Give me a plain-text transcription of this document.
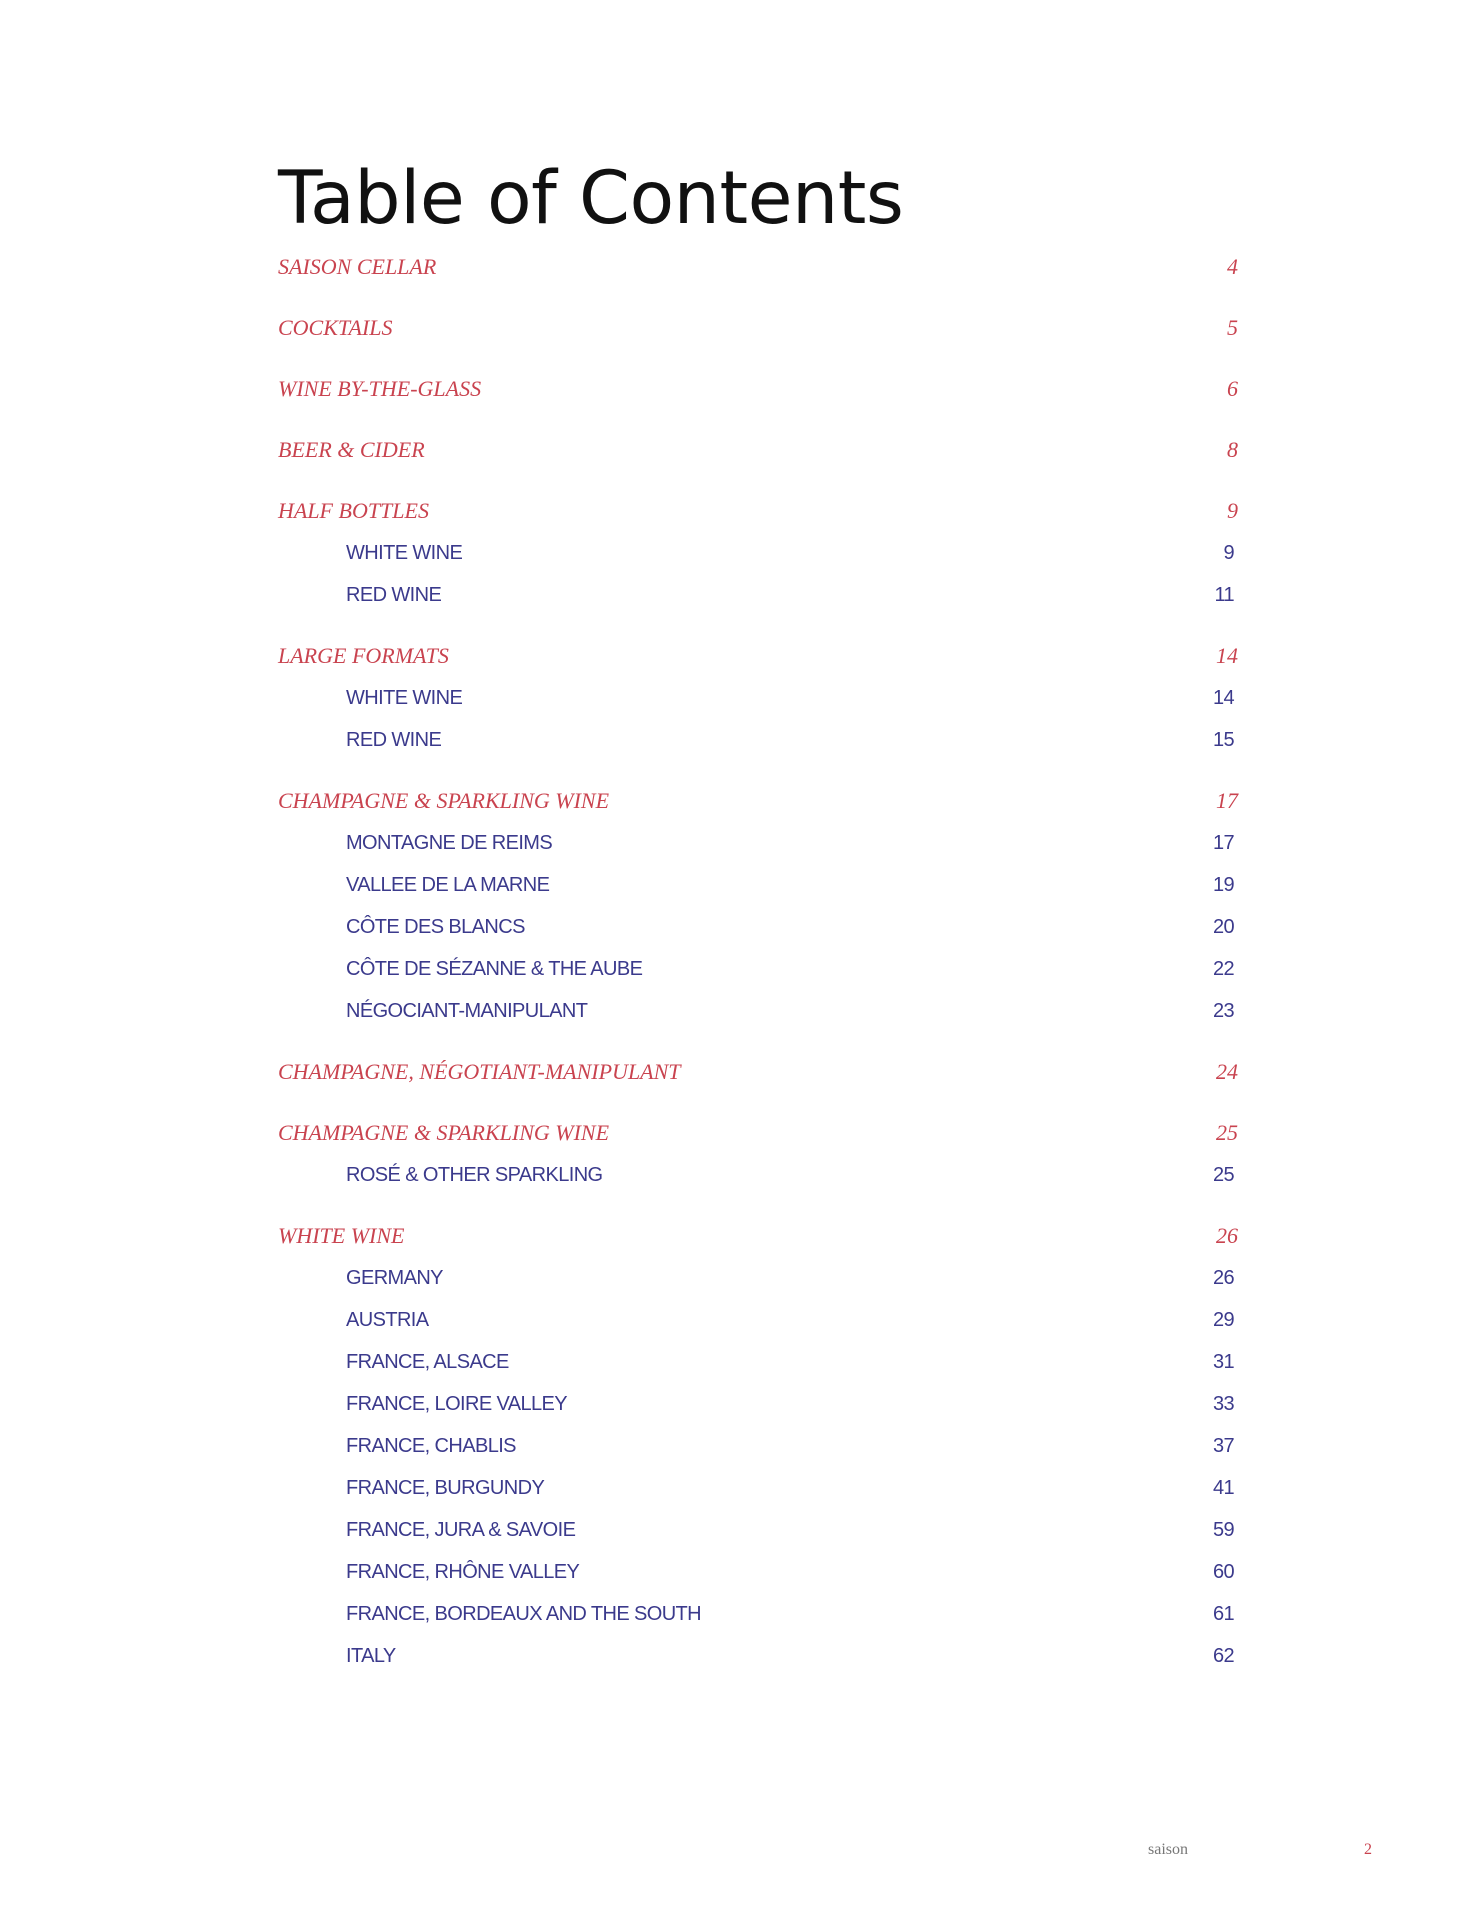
Table of Contents
SAISON CELLAR	4
COCKTAILS	5
WINE BY-THE-GLASS	6
BEER & CIDER	8
HALF BOTTLES	9
WHITE WINE	9
RED WINE	11
LARGE FORMATS	14
WHITE WINE	14
RED WINE	15
CHAMPAGNE & SPARKLING WINE	17
MONTAGNE DE REIMS	17
VALLEE DE LA MARNE	19
CÔTE DES BLANCS	20
CÔTE DE SÉZANNE & THE AUBE	22
NÉGOCIANT-MANIPULANT	23
CHAMPAGNE, NÉGOTIANT-MANIPULANT	24
CHAMPAGNE & SPARKLING WINE	25
ROSÉ & OTHER SPARKLING	25
WHITE WINE	26
GERMANY	26
AUSTRIA	29
FRANCE, ALSACE	31
FRANCE, LOIRE VALLEY	33
FRANCE, CHABLIS	37
FRANCE, BURGUNDY	41
FRANCE, JURA & SAVOIE	59
FRANCE, RHÔNE VALLEY	60
FRANCE, BORDEAUX AND THE SOUTH	61
ITALY	62
saison	2
